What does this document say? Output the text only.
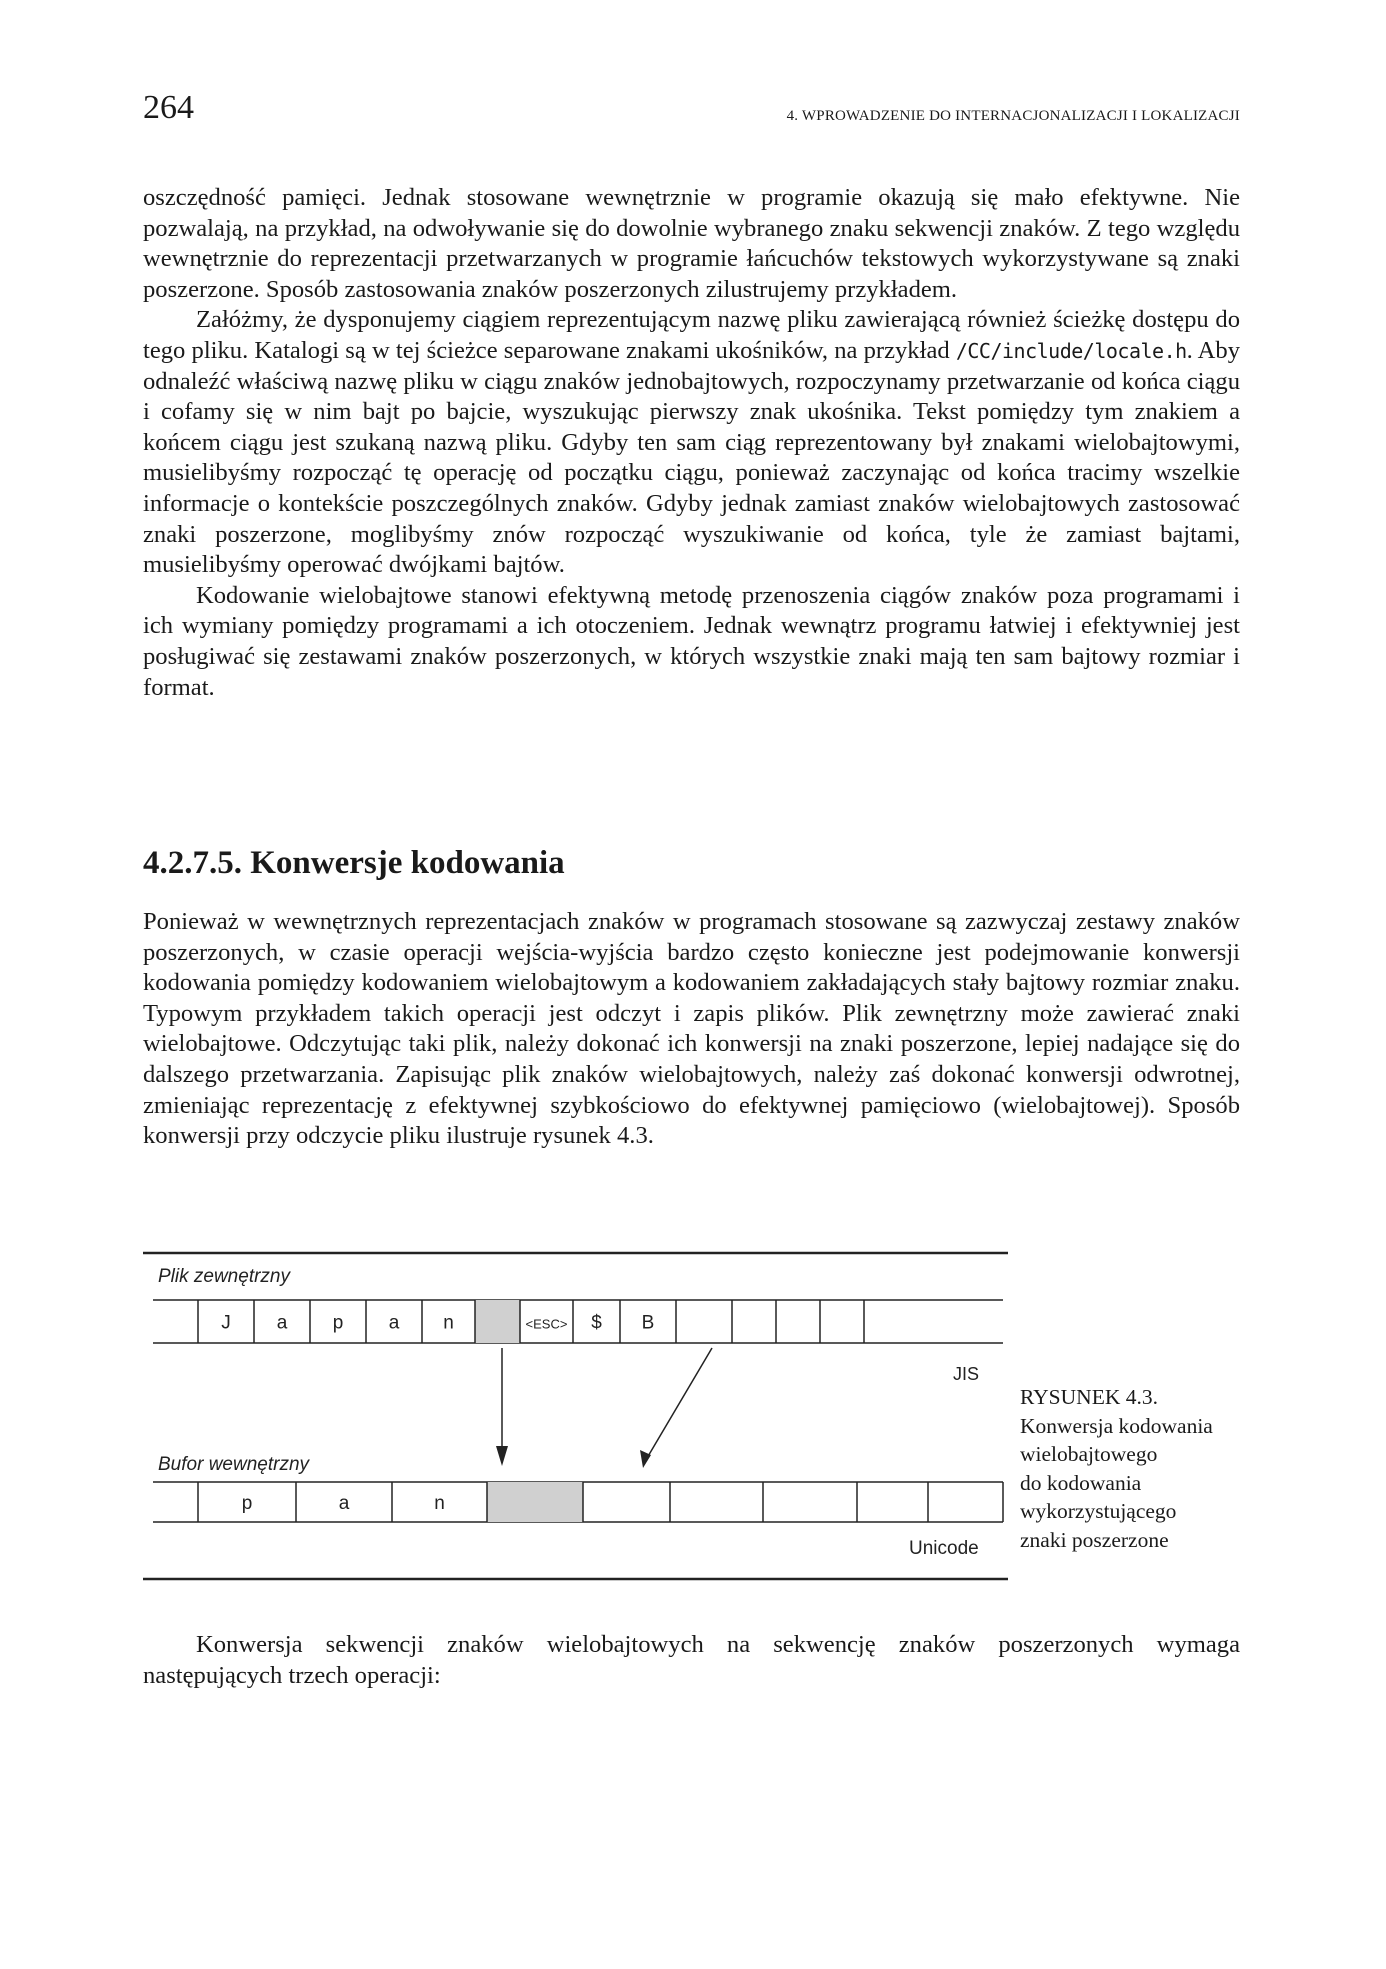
264	4. WPROWADZENIE DO INTERNACJONALIZACJI I LOKALIZACJI

oszczędność pamięci. Jednak stosowane wewnętrznie w programie okazują się mało efektywne. Nie pozwalają, na przykład, na odwoływanie się do dowolnie wybranego znaku sekwencji znaków. Z tego względu wewnętrznie do reprezentacji przetwarzanych w programie łańcuchów tekstowych wykorzystywane są znaki poszerzone. Sposób zastosowania znaków poszerzonych zilustrujemy przykładem.

Załóżmy, że dysponujemy ciągiem reprezentującym nazwę pliku zawierającą również ścieżkę dostępu do tego pliku. Katalogi są w tej ścieżce separowane znakami ukośników, na przykład /CC/include/locale.h. Aby odnaleźć właściwą nazwę pliku w ciągu znaków jednobajtowych, rozpoczynamy przetwarzanie od końca ciągu i cofamy się w nim bajt po bajcie, wyszukując pierwszy znak ukośnika. Tekst pomiędzy tym znakiem a końcem ciągu jest szukaną nazwą pliku. Gdyby ten sam ciąg reprezentowany był znakami wielobajtowymi, musielibyśmy rozpocząć tę operację od początku ciągu, ponieważ zaczynając od końca tracimy wszelkie informacje o kontekście poszczególnych znaków. Gdyby jednak zamiast znaków wielobajtowych zastosować znaki poszerzone, moglibyśmy znów rozpocząć wyszukiwanie od końca, tyle że zamiast bajtami, musielibyśmy operować dwójkami bajtów.

Kodowanie wielobajtowe stanowi efektywną metodę przenoszenia ciągów znaków poza programami i ich wymiany pomiędzy programami a ich otoczeniem. Jednak wewnątrz programu łatwiej i efektywniej jest posługiwać się zestawami znaków poszerzonych, w których wszystkie znaki mają ten sam bajtowy rozmiar i format.

4.2.7.5. Konwersje kodowania

Ponieważ w wewnętrznych reprezentacjach znaków w programach stosowane są zazwyczaj zestawy znaków poszerzonych, w czasie operacji wejścia-wyjścia bardzo często konieczne jest podejmowanie konwersji kodowania pomiędzy kodowaniem wielobajtowym a kodowaniem zakładających stały bajtowy rozmiar znaku. Typowym przykładem takich operacji jest odczyt i zapis plików. Plik zewnętrzny może zawierać znaki wielobajtowe. Odczytując taki plik, należy dokonać ich konwersji na znaki poszerzone, lepiej nadające się do dalszego przetwarzania. Zapisując plik znaków wielobajtowych, należy zaś dokonać konwersji odwrotnej, zmieniając reprezentację z efektywnej szybkościowo do efektywnej pamięciowo (wielobajtowej). Sposób konwersji przy odczycie pliku ilustruje rysunek 4.3.

Plik zewnętrzny
J a p a n	<ESC> $ B
JIS
Bufor wewnętrzny
p	a	n
Unicode
RYSUNEK 4.3.
Konwersja kodowania
wielobajtowego
do kodowania
wykorzystującego
znaki poszerzone

Konwersja sekwencji znaków wielobajtowych na sekwencję znaków poszerzonych wymaga następujących trzech operacji:
